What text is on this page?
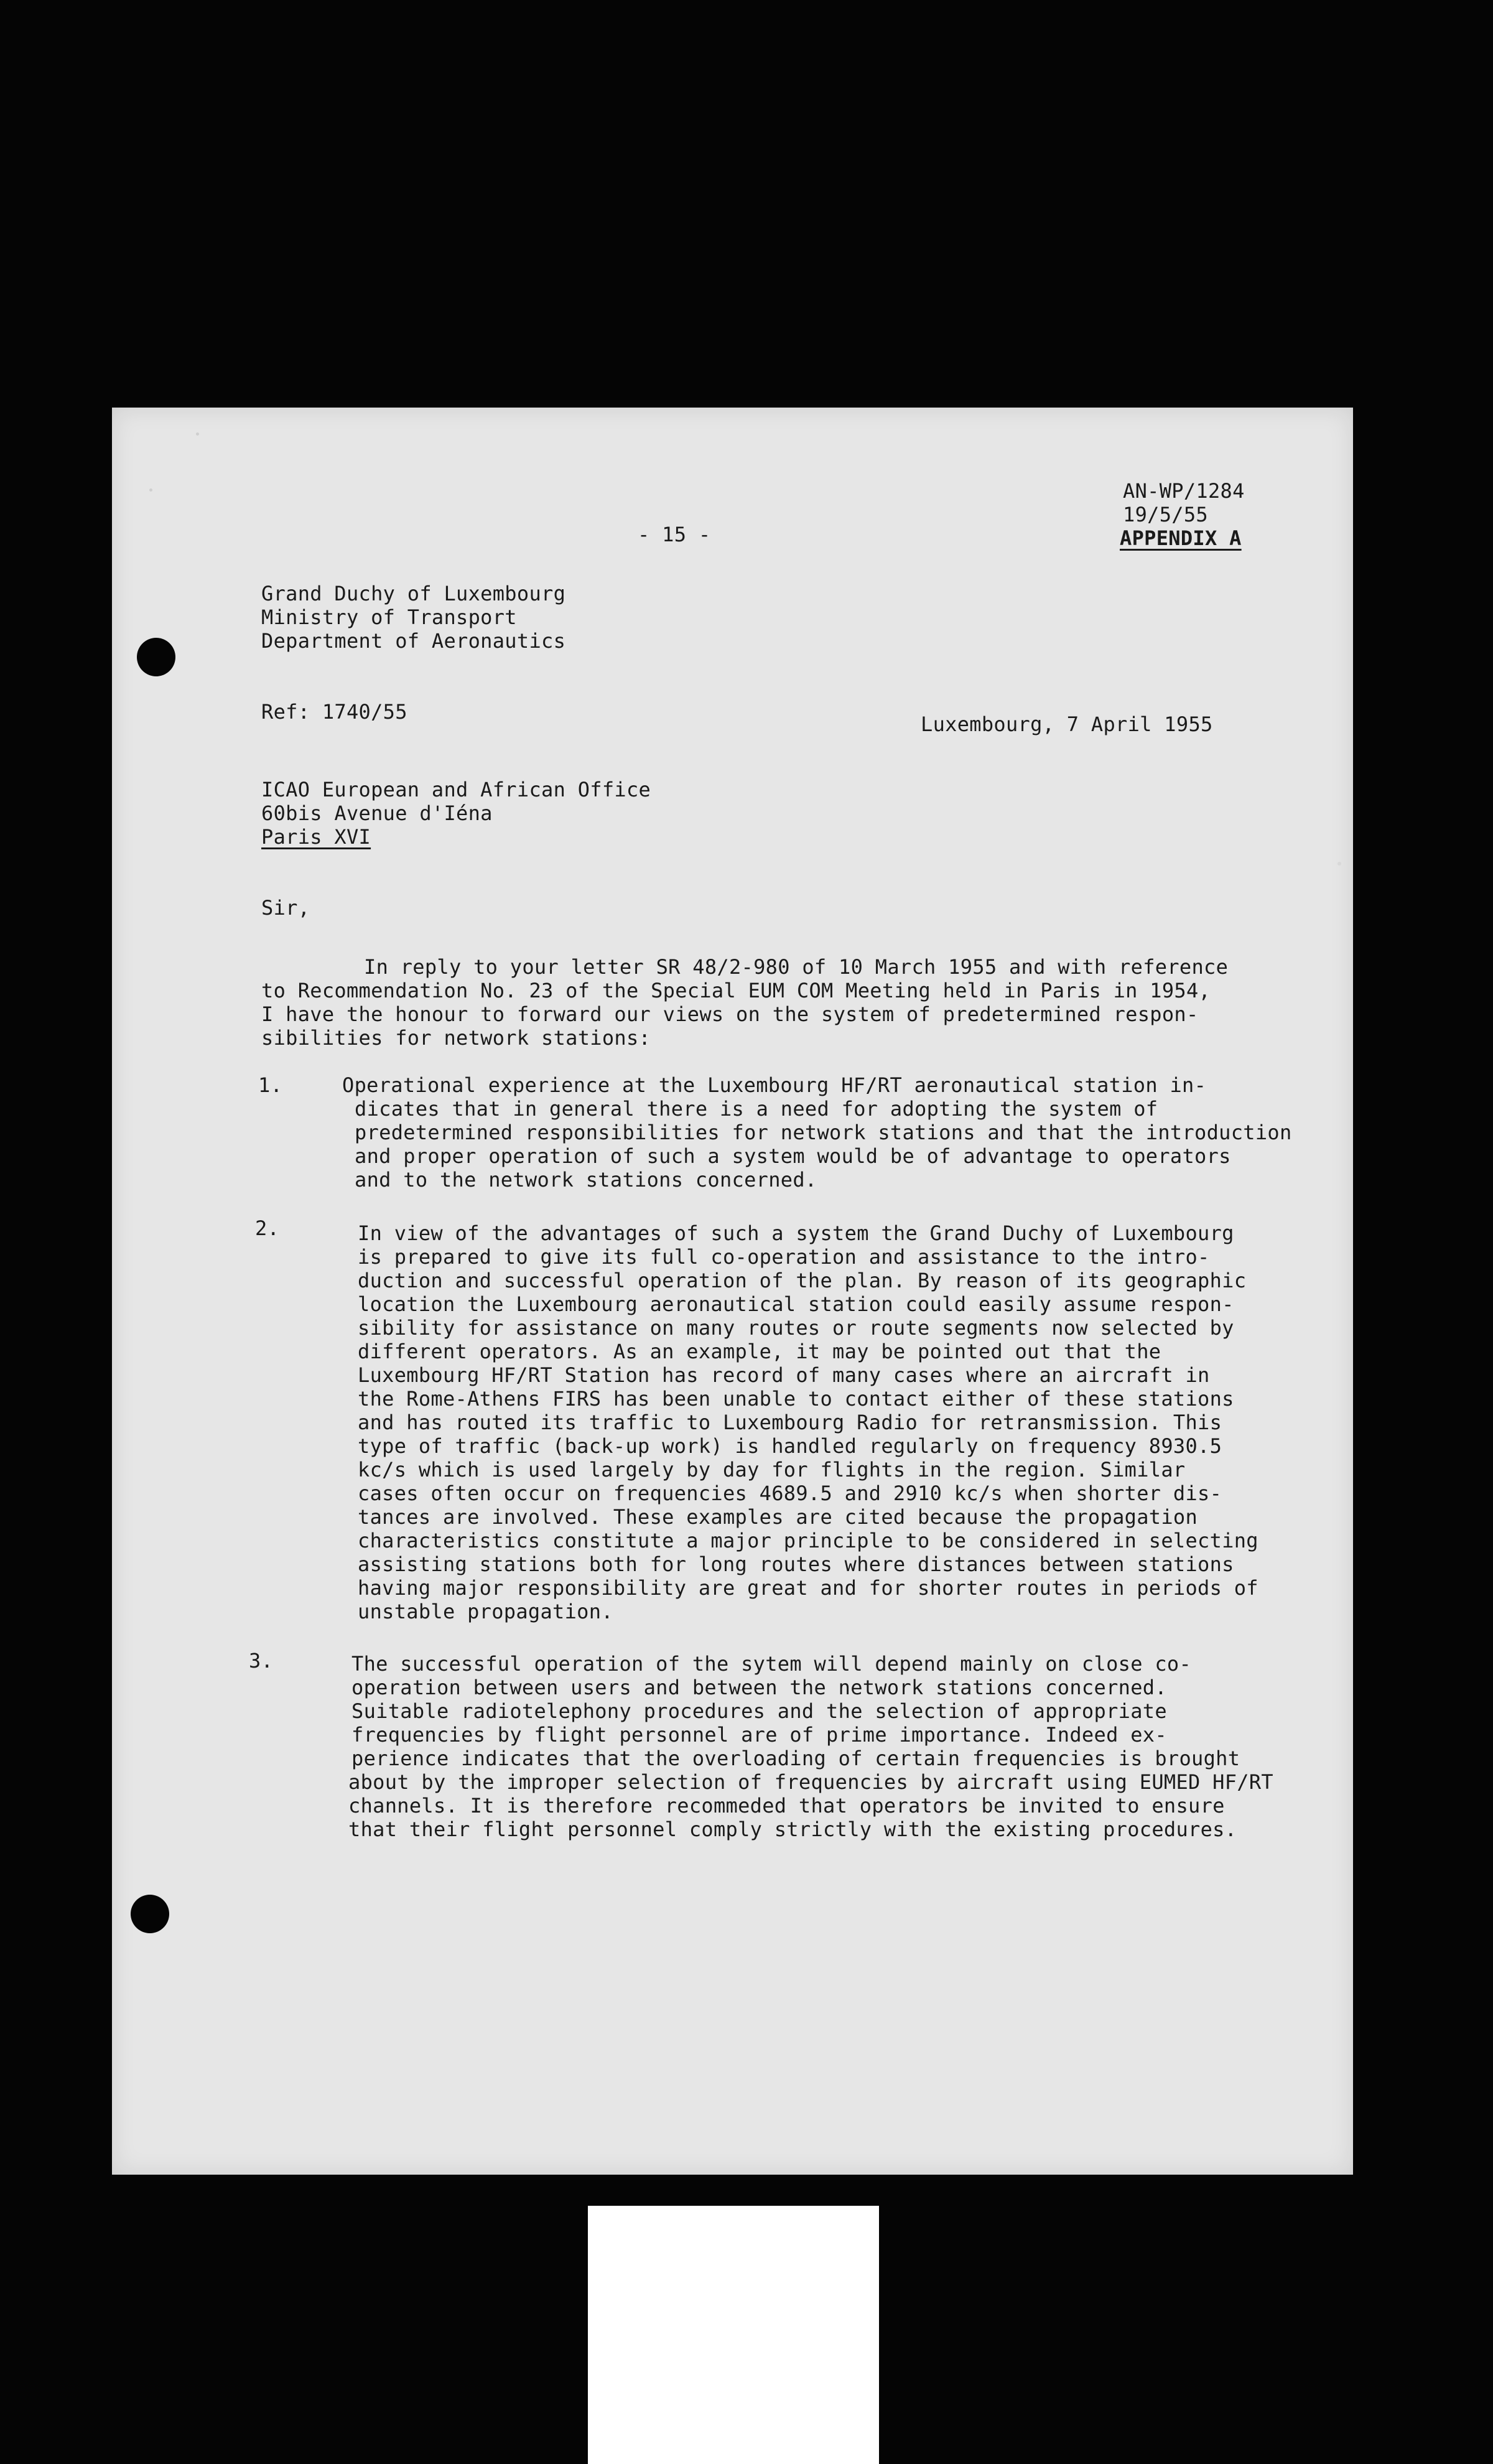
- 15 -
AN-WP/1284
19/5/55
APPENDIX A
Grand Duchy of Luxembourg
Ministry of Transport
Department of Aeronautics
Ref: 1740/55
Luxembourg, 7 April 1955
ICAO European and African Office
60bis Avenue d'Iéna
Paris XVI
Sir,
In reply to your letter SR 48/2-980 of 10 March 1955 and with reference
to Recommendation No. 23 of the Special EUM COM Meeting held in Paris in 1954,
I have the honour to forward our views on the system of predetermined respon-
sibilities for network stations:
1.	Operational experience at the Luxembourg HF/RT aeronautical station in-
dicates that in general there is a need for adopting the system of
predetermined responsibilities for network stations and that the introduction
and proper operation of such a system would be of advantage to operators
and to the network stations concerned.
2.	In view of the advantages of such a system the Grand Duchy of Luxembourg
is prepared to give its full co-operation and assistance to the intro-
duction and successful operation of the plan. By reason of its geographic
location the Luxembourg aeronautical station could easily assume respon-
sibility for assistance on many routes or route segments now selected by
different operators. As an example, it may be pointed out that the
Luxembourg HF/RT Station has record of many cases where an aircraft in
the Rome-Athens FIRS has been unable to contact either of these stations
and has routed its traffic to Luxembourg Radio for retransmission. This
type of traffic (back-up work) is handled regularly on frequency 8930.5
kc/s which is used largely by day for flights in the region. Similar
cases often occur on frequencies 4689.5 and 2910 kc/s when shorter dis-
tances are involved. These examples are cited because the propagation
characteristics constitute a major principle to be considered in selecting
assisting stations both for long routes where distances between stations
having major responsibility are great and for shorter routes in periods of
unstable propagation.
3.	The successful operation of the sytem will depend mainly on close co-
operation between users and between the network stations concerned.
Suitable radiotelephony procedures and the selection of appropriate
frequencies by flight personnel are of prime importance. Indeed ex-
perience indicates that the overloading of certain frequencies is brought
about by the improper selection of frequencies by aircraft using EUMED HF/RT
channels. It is therefore recommeded that operators be invited to ensure
that their flight personnel comply strictly with the existing procedures.
